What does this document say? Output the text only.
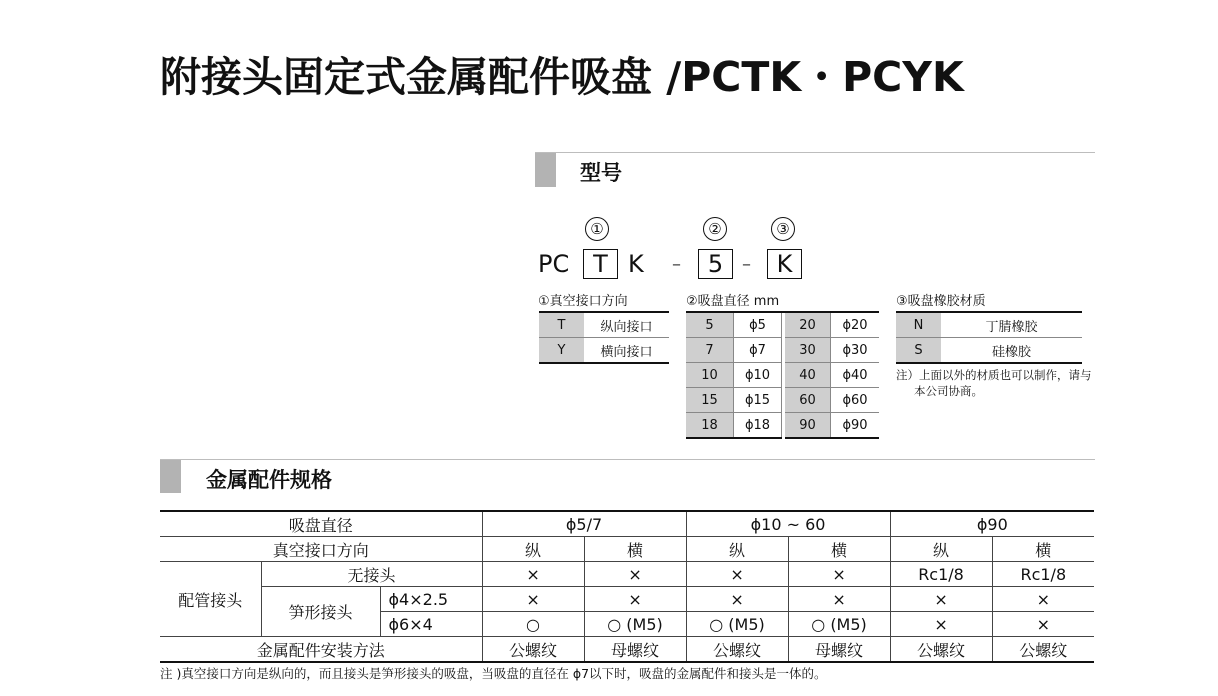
附接头固定式金属配件吸盘 /PCTK・PCYK
型号
①	②	③
PC T K –	5	–	K
①真空接口方向	②吸盘直径 mm	③吸盘橡胶材质
T	纵向接口
Y	横向接口
5	ϕ5		20	ϕ20
7	ϕ7		30	ϕ30
10	ϕ10		40	ϕ40
15	ϕ15		60	ϕ60
18	ϕ18		90	ϕ90
N	丁腈橡胶
S	硅橡胶
注）上面以外的材质也可以制作，请与
本公司协商。
金属配件规格
吸盘直径			ϕ5/7		ϕ10 ~ 60		ϕ90	
真空接口方向			纵	横	纵	横	纵	横
配管接头	无接头		×	×	×	×	Rc1/8	Rc1/8
	笋形接头	ϕ4×2.5	×	×	×	×	×	×
		ϕ6×4	○	○ (M5)	○ (M5)	○ (M5)	×	×
金属配件安装方法			公螺纹	母螺纹	公螺纹	母螺纹	公螺纹	公螺纹
注 )真空接口方向是纵向的，而且接头是笋形接头的吸盘，当吸盘的直径在 ϕ7以下时，吸盘的金属配件和接头是一体的。
